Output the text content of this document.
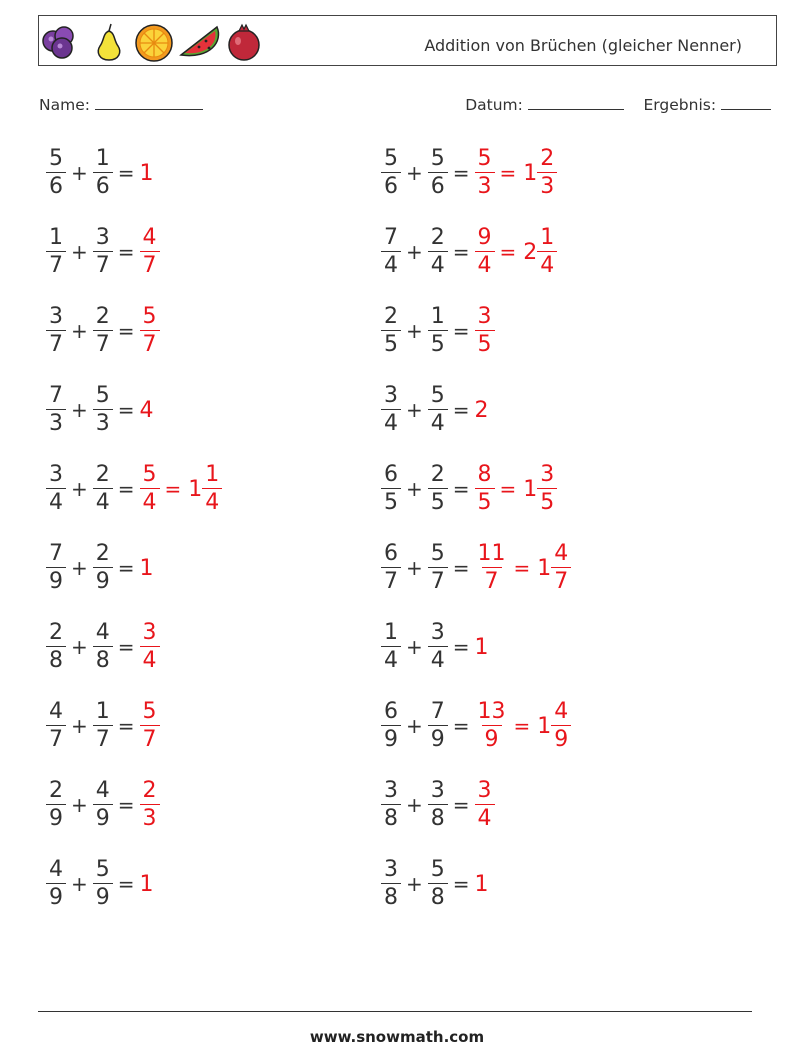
Addition von Brüchen (gleicher Nenner)
Name:	Datum:	Ergebnis:
$\frac{5}{6} + \frac{1}{6} = 1$	$\frac{5}{6} + \frac{5}{6} = \frac{5}{3} = 1 \frac{2}{3}$
$\frac{1}{7} + \frac{3}{7} = \frac{4}{7}$	$\frac{7}{4} + \frac{2}{4} = \frac{9}{4} = 2 \frac{1}{4}$
$\frac{3}{7} + \frac{2}{7} = \frac{5}{7}$	$\frac{2}{5} + \frac{1}{5} = \frac{3}{5}$
$\frac{7}{3} + \frac{5}{3} = 4$	$\frac{3}{4} + \frac{5}{4} = 2$
$\frac{3}{4} + \frac{2}{4} = \frac{5}{4} = 1 \frac{1}{4}$	$\frac{6}{5} + \frac{2}{5} = \frac{8}{5} = 1 \frac{3}{5}$
$\frac{7}{9} + \frac{2}{9} = 1$	$\frac{6}{7} + \frac{5}{7} = \frac{11}{7} = 1 \frac{4}{7}$
$\frac{2}{8} + \frac{4}{8} = \frac{3}{4}$	$\frac{1}{4} + \frac{3}{4} = 1$
$\frac{4}{7} + \frac{1}{7} = \frac{5}{7}$	$\frac{6}{9} + \frac{7}{9} = \frac{13}{9} = 1 \frac{4}{9}$
$\frac{2}{9} + \frac{4}{9} = \frac{2}{3}$	$\frac{3}{8} + \frac{3}{8} = \frac{3}{4}$
$\frac{4}{9} + \frac{5}{9} = 1$	$\frac{3}{8} + \frac{5}{8} = 1$
www.snowmath.com
